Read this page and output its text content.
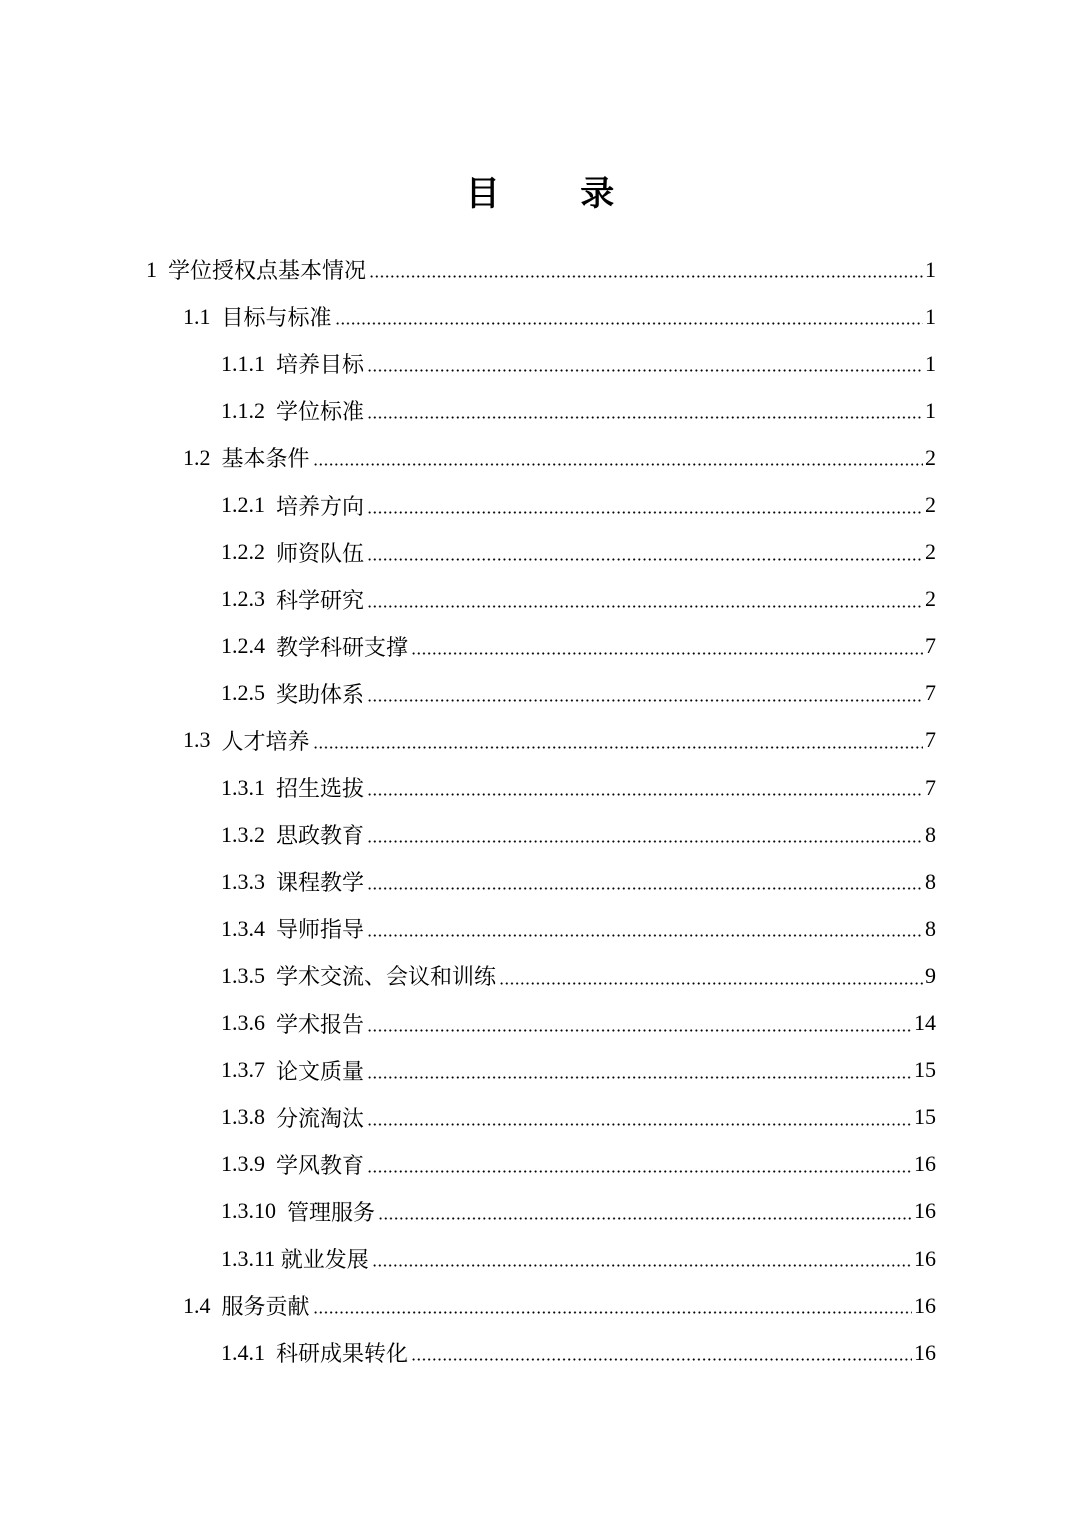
目 录
1 学位授权点基本情况	1
1.1 目标与标准	1
1.1.1 培养目标	1
1.1.2 学位标准	1
1.2 基本条件	2
1.2.1 培养方向	2
1.2.2 师资队伍	2
1.2.3 科学研究	2
1.2.4 教学科研支撑	7
1.2.5 奖助体系	7
1.3 人才培养	7
1.3.1 招生选拔	7
1.3.2 思政教育	8
1.3.3 课程教学	8
1.3.4 导师指导	8
1.3.5 学术交流、会议和训练	9
1.3.6 学术报告	14
1.3.7 论文质量	15
1.3.8 分流淘汰	15
1.3.9 学风教育	16
1.3.10 管理服务	16
1.3.11 就业发展	16
1.4 服务贡献	16
1.4.1 科研成果转化	16
